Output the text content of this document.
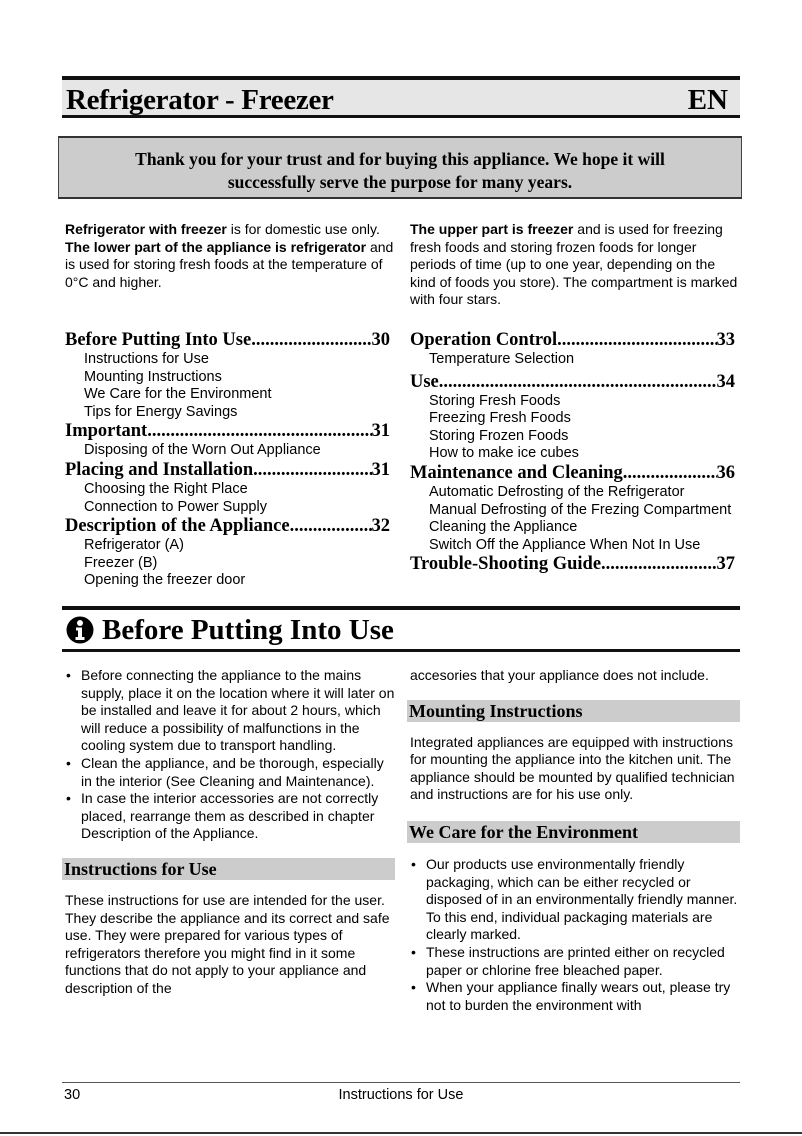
Refrigerator - Freezer	EN
Thank you for your trust and for buying this appliance. We hope it will
successfully serve the purpose for many years.

Refrigerator with freezer is for domestic use only.

The lower part of the appliance is refrigerator and is used for storing fresh foods at the temperature of 0°C and higher.

The upper part is freezer and is used for freezing fresh foods and storing frozen foods for longer periods of time (up to one year, depending on the kind of foods you store). The compartment is marked with four stars.

Before Putting Into Use .....	30
Instructions for Use
Mounting Instructions
We Care for the Environment
Tips for Energy Savings
Important .....	31
Disposing of the Worn Out Appliance
Placing and Installation .....	31
Choosing the Right Place
Connection to Power Supply
Description of the Appliance .....	32
Refrigerator (A)
Freezer (B)
Opening the freezer door
Operation Control .....	33
Temperature Selection
Use .....	34
Storing Fresh Foods
Freezing Fresh Foods
Storing Frozen Foods
How to make ice cubes
Maintenance and Cleaning .....	36
Automatic Defrosting of the Refrigerator
Manual Defrosting of the Frezing Compartment
Cleaning the Appliance
Switch Off the Appliance When Not In Use
Trouble-Shooting Guide .....	37
Before Putting Into Use
• Before connecting the appliance to the mains supply, place it on the location where it will later on be installed and leave it for about 2 hours, which will reduce a possibility of malfunctions in the cooling system due to transport handling.
• Clean the appliance, and be thorough, especially in the interior (See Cleaning and Maintenance).
• In case the interior accessories are not correctly placed, rearrange them as described in chapter Description of the Appliance.
Instructions for Use

These instructions for use are intended for the user. They describe the appliance and its correct and safe use. They were prepared for various types of refrigerators therefore you might find in it some functions that do not apply to your appliance and description of the

accesories that your appliance does not include.

Mounting Instructions

Integrated appliances are equipped with instructions for mounting the appliance into the kitchen unit. The appliance should be mounted by qualified technician and instructions are for his use only.

We Care for the Environment
• Our products use environmentally friendly packaging, which can be either recycled or disposed of in an environmentally friendly manner. To this end, individual packaging materials are clearly marked.
• These instructions are printed either on recycled paper or chlorine free bleached paper.
• When your appliance finally wears out, please try not to burden the environment with
30	Instructions for Use
